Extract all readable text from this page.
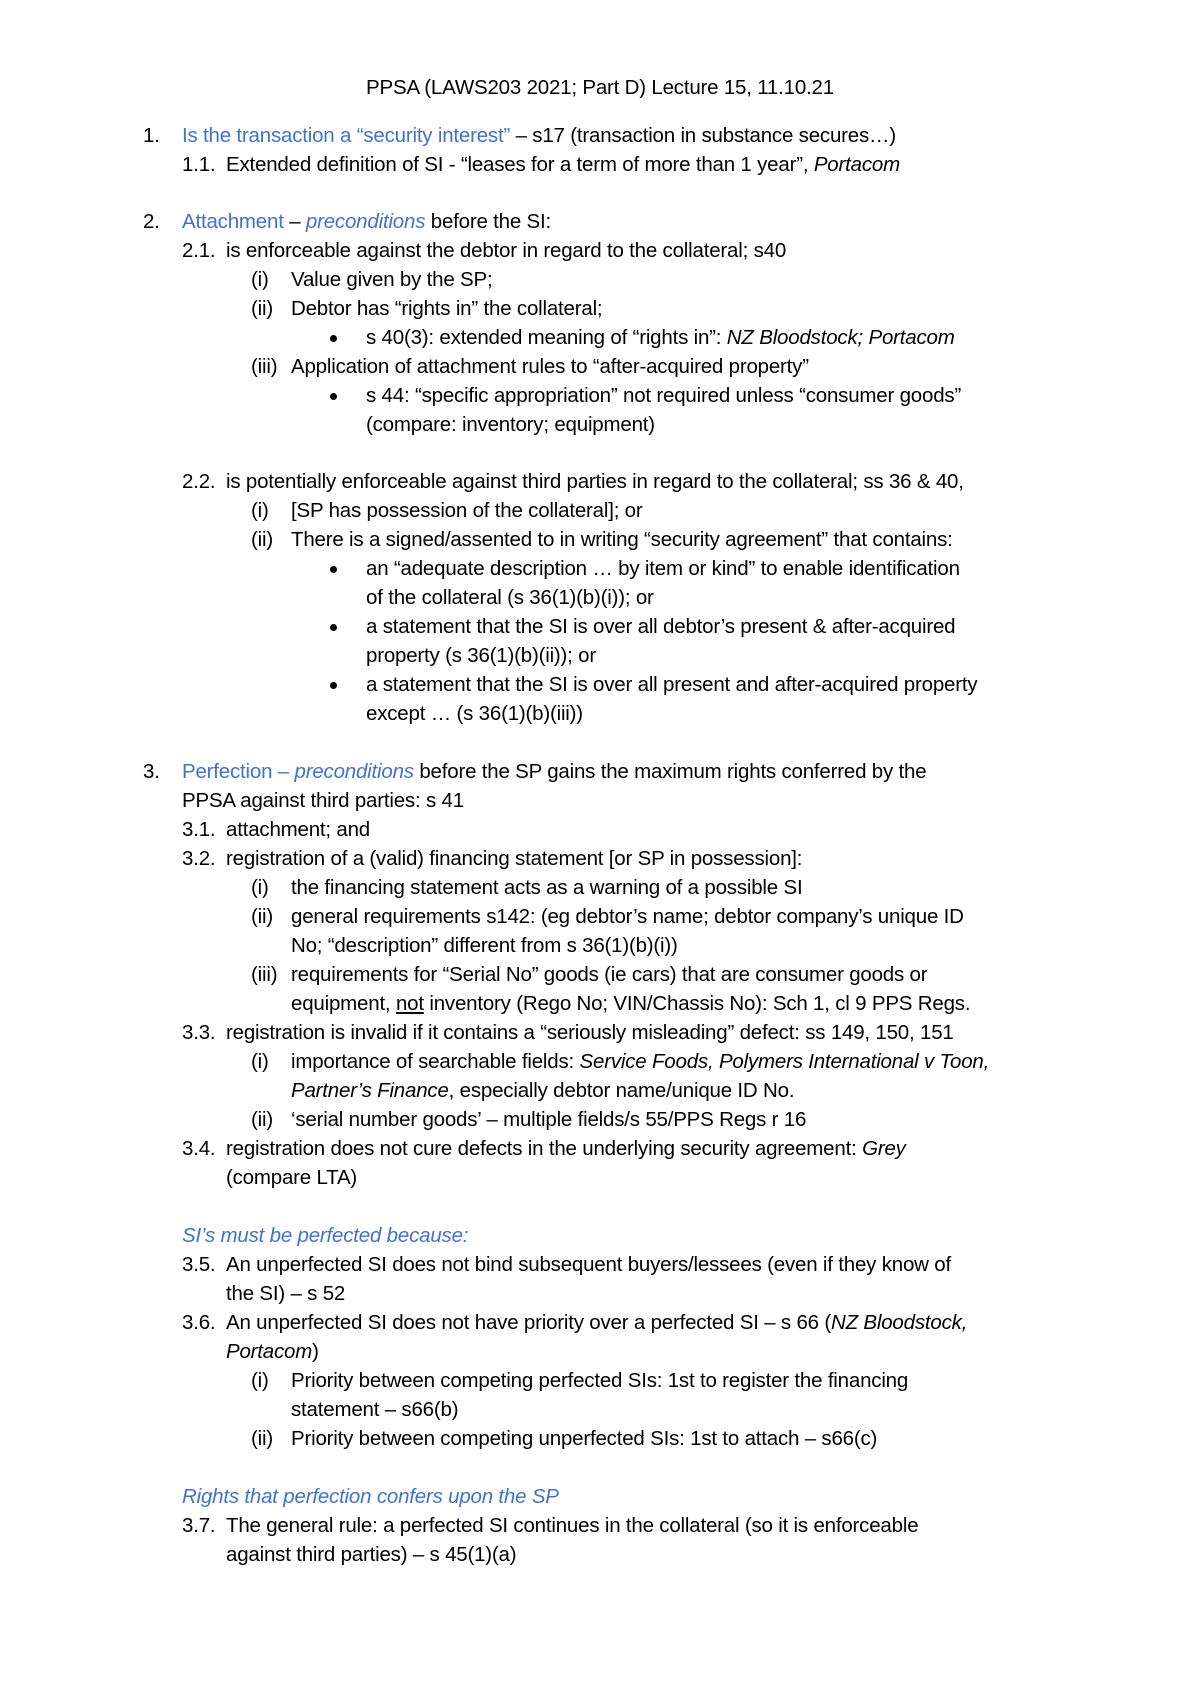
PPSA (LAWS203 2021; Part D) Lecture 15, 11.10.21
1. Is the transaction a “security interest” – s17 (transaction in substance secures…)
1.1. Extended definition of SI - “leases for a term of more than 1 year”, Portacom
2. Attachment – preconditions before the SI:
2.1. is enforceable against the debtor in regard to the collateral; s40
(i) Value given by the SP;
(ii) Debtor has “rights in” the collateral;
s 40(3): extended meaning of “rights in”: NZ Bloodstock; Portacom
(iii) Application of attachment rules to “after-acquired property”
s 44: “specific appropriation” not required unless “consumer goods”
(compare: inventory; equipment)
2.2. is potentially enforceable against third parties in regard to the collateral; ss 36 & 40,
(i) [SP has possession of the collateral]; or
(ii) There is a signed/assented to in writing “security agreement” that contains:
an “adequate description … by item or kind” to enable identification
of the collateral (s 36(1)(b)(i)); or
a statement that the SI is over all debtor’s present & after-acquired
property (s 36(1)(b)(ii)); or
a statement that the SI is over all present and after-acquired property
except … (s 36(1)(b)(iii))
3. Perfection – preconditions before the SP gains the maximum rights conferred by the
PPSA against third parties: s 41
3.1. attachment; and
3.2. registration of a (valid) financing statement [or SP in possession]:
(i) the financing statement acts as a warning of a possible SI
(ii) general requirements s142: (eg debtor’s name; debtor company’s unique ID
No; “description” different from s 36(1)(b)(i))
(iii) requirements for “Serial No” goods (ie cars) that are consumer goods or
equipment, not inventory (Rego No; VIN/Chassis No): Sch 1, cl 9 PPS Regs.
3.3. registration is invalid if it contains a “seriously misleading” defect: ss 149, 150, 151
(i) importance of searchable fields: Service Foods, Polymers International v Toon,
Partner’s Finance, especially debtor name/unique ID No.
(ii) ‘serial number goods’ – multiple fields/s 55/PPS Regs r 16
3.4. registration does not cure defects in the underlying security agreement: Grey
(compare LTA)
SI’s must be perfected because:
3.5. An unperfected SI does not bind subsequent buyers/lessees (even if they know of
the SI) – s 52
3.6. An unperfected SI does not have priority over a perfected SI – s 66 (NZ Bloodstock,
Portacom)
(i) Priority between competing perfected SIs: 1st to register the financing
statement – s66(b)
(ii) Priority between competing unperfected SIs: 1st to attach – s66(c)
Rights that perfection confers upon the SP
3.7. The general rule: a perfected SI continues in the collateral (so it is enforceable
against third parties) – s 45(1)(a)
